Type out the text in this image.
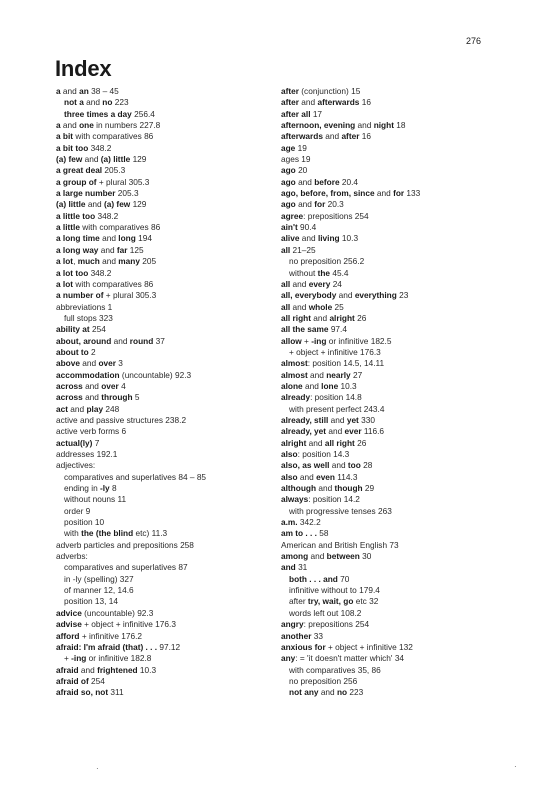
276
Index
a and an 38 – 45
not a and no 223
three times a day 256.4
a and one in numbers 227.8
a bit with comparatives 86
a bit too 348.2
(a) few and (a) little 129
a great deal 205.3
a group of + plural 305.3
a large number 205.3
(a) little and (a) few 129
a little too 348.2
a little with comparatives 86
a long time and long 194
a long way and far 125
a lot, much and many 205
a lot too 348.2
a lot with comparatives 86
a number of + plural 305.3
abbreviations 1
full stops 323
ability at 254
about, around and round 37
about to 2
above and over 3
accommodation (uncountable) 92.3
across and over 4
across and through 5
act and play 248
active and passive structures 238.2
active verb forms 6
actual(ly) 7
addresses 192.1
adjectives:
comparatives and superlatives 84 – 85
ending in -ly 8
without nouns 11
order 9
position 10
with the (the blind etc) 11.3
adverb particles and prepositions 258
adverbs:
comparatives and superlatives 87
in -ly (spelling) 327
of manner 12, 14.6
position 13, 14
advice (uncountable) 92.3
advise + object + infinitive 176.3
afford + infinitive 176.2
afraid: I'm afraid (that) . . . 97.12
+ -ing or infinitive 182.8
afraid and frightened 10.3
afraid of 254
afraid so, not 311
after (conjunction) 15
after and afterwards 16
after all 17
afternoon, evening and night 18
afterwards and after 16
age 19
ages 19
ago 20
ago and before 20.4
ago, before, from, since and for 133
ago and for 20.3
agree: prepositions 254
ain't 90.4
alive and living 10.3
all 21–25
no preposition 256.2
without the 45.4
all and every 24
all, everybody and everything 23
all and whole 25
all right and alright 26
all the same 97.4
allow + -ing or infinitive 182.5
+ object + infinitive 176.3
almost: position 14.5, 14.11
almost and nearly 27
alone and lone 10.3
already: position 14.8
with present perfect 243.4
already, still and yet 330
already, yet and ever 116.6
alright and all right 26
also: position 14.3
also, as well and too 28
also and even 114.3
although and though 29
always: position 14.2
with progressive tenses 263
a.m. 342.2
am to . . . 58
American and British English 73
among and between 30
and 31
both . . . and 70
infinitive without to 179.4
after try, wait, go etc 32
words left out 108.2
angry: prepositions 254
another 33
anxious for + object + infinitive 132
any: = 'it doesn't matter which' 34
with comparatives 35, 86
no preposition 256
not any and no 223
·	·
